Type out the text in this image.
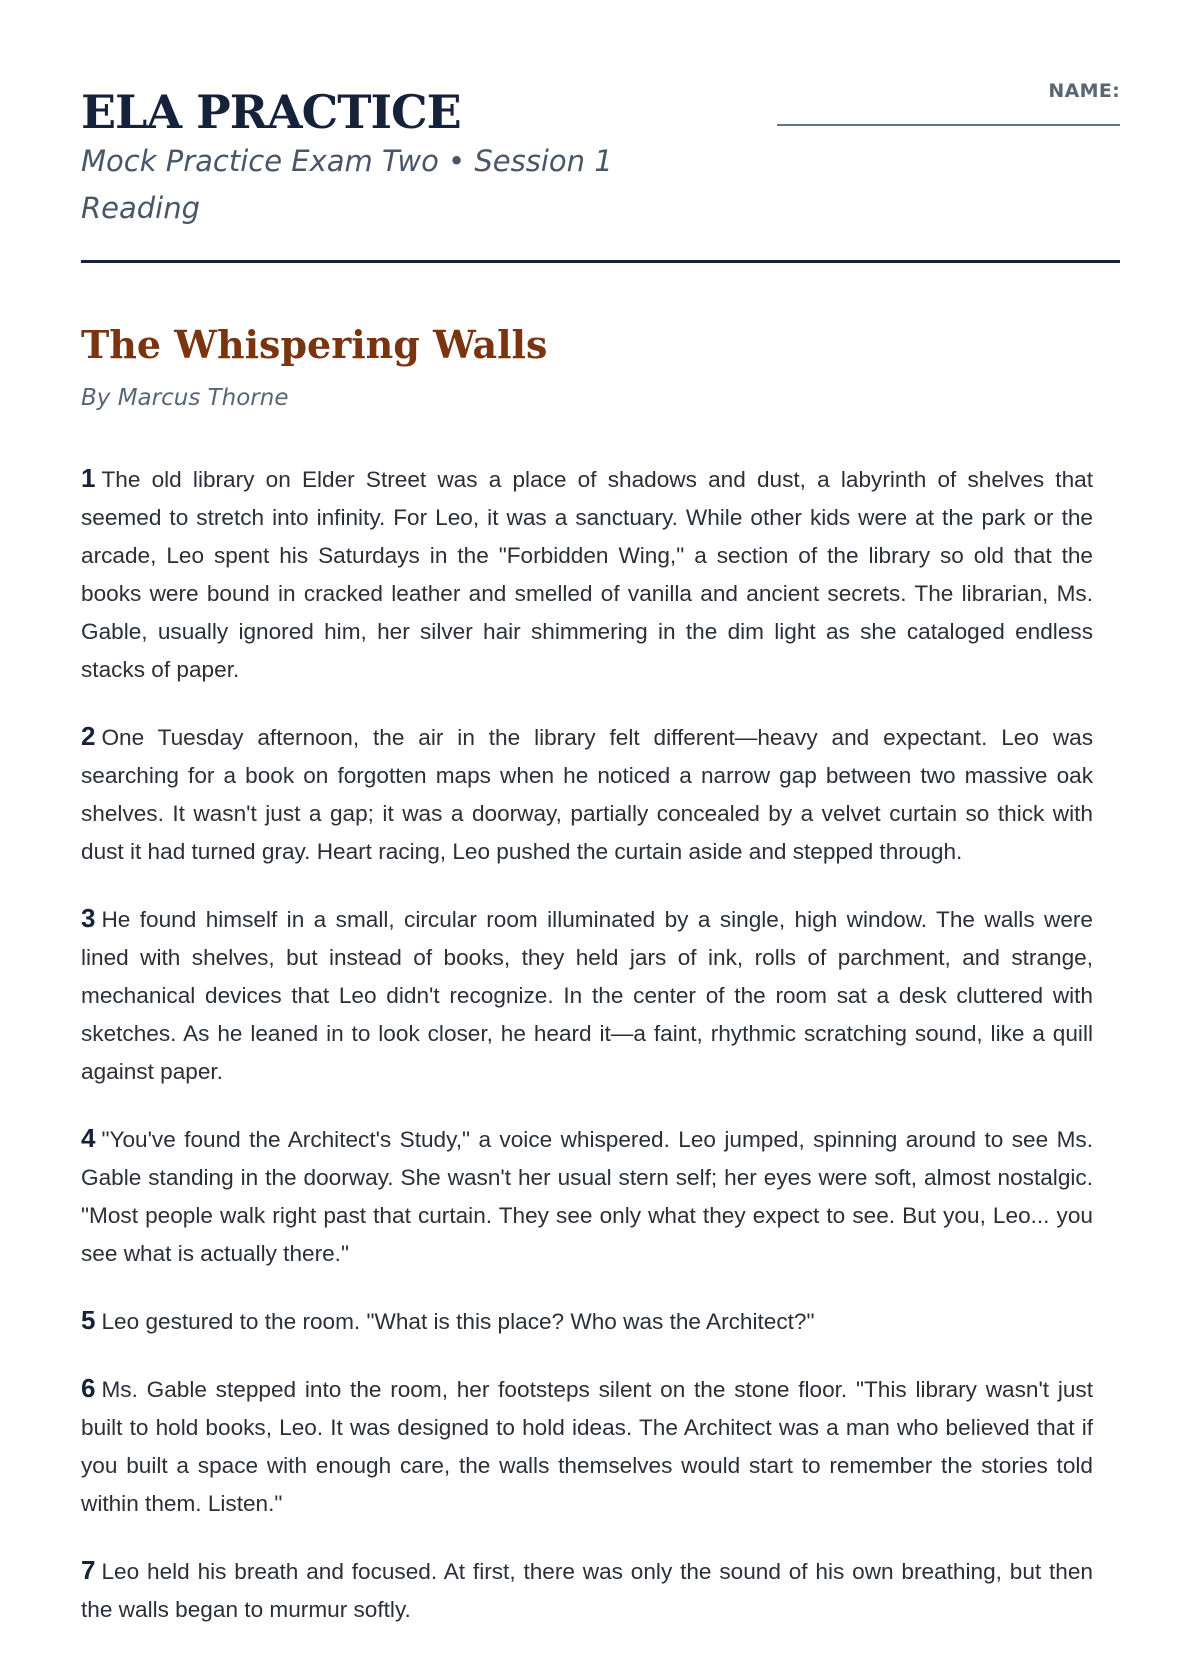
ELA PRACTICE

Mock Practice Exam Two • Session 1 Reading

NAME:
The Whispering Walls
By Marcus Thorne

1 The old library on Elder Street was a place of shadows and dust, a labyrinth of shelves that seemed to stretch into infinity. For Leo, it was a sanctuary. While other kids were at the park or the arcade, Leo spent his Saturdays in the "Forbidden Wing," a section of the library so old that the books were bound in cracked leather and smelled of vanilla and ancient secrets. The librarian, Ms. Gable, usually ignored him, her silver hair shimmering in the dim light as she cataloged endless stacks of paper.

2 One Tuesday afternoon, the air in the library felt different—heavy and expectant. Leo was searching for a book on forgotten maps when he noticed a narrow gap between two massive oak shelves. It wasn't just a gap; it was a doorway, partially concealed by a velvet curtain so thick with dust it had turned gray. Heart racing, Leo pushed the curtain aside and stepped through.

3 He found himself in a small, circular room illuminated by a single, high window. The walls were lined with shelves, but instead of books, they held jars of ink, rolls of parchment, and strange, mechanical devices that Leo didn't recognize. In the center of the room sat a desk cluttered with sketches. As he leaned in to look closer, he heard it—a faint, rhythmic scratching sound, like a quill against paper.

4 "You've found the Architect's Study," a voice whispered. Leo jumped, spinning around to see Ms. Gable standing in the doorway. She wasn't her usual stern self; her eyes were soft, almost nostalgic. "Most people walk right past that curtain. They see only what they expect to see. But you, Leo... you see what is actually there."

5 Leo gestured to the room. "What is this place? Who was the Architect?"

6 Ms. Gable stepped into the room, her footsteps silent on the stone floor. "This library wasn't just built to hold books, Leo. It was designed to hold ideas. The Architect was a man who believed that if you built a space with enough care, the walls themselves would start to remember the stories told within them. Listen."

7 Leo held his breath and focused. At first, there was only the sound of his own breathing, but then the walls began to murmur softly.
